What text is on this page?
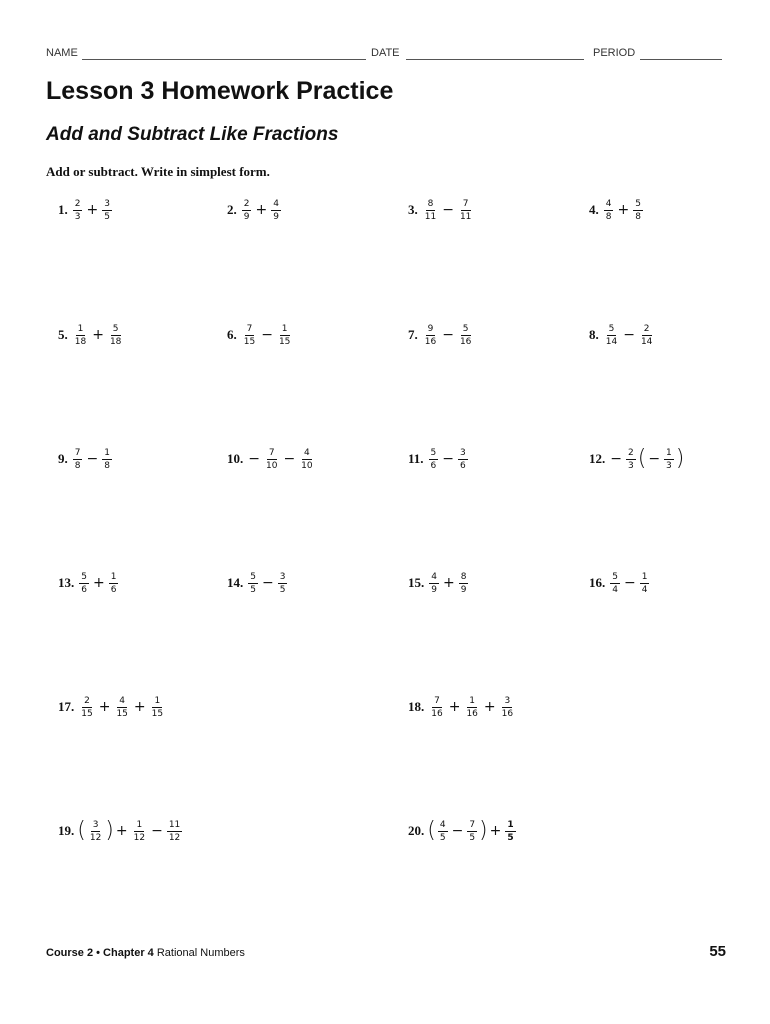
NAME	DATE	PERIOD
Lesson 3 Homework Practice
Add and Subtract Like Fractions
Add or subtract. Write in simplest form.
1. $\frac{2}{3} + \frac{3}{5}$	2. $\frac{2}{9} + \frac{4}{9}$	3. $\frac{8}{11} - \frac{7}{11}$	4. $\frac{4}{8} + \frac{5}{8}$
5. $\frac{1}{18} + \frac{5}{18}$	6. $\frac{7}{15} - \frac{1}{15}$	7. $\frac{9}{16} - \frac{5}{16}$	8. $\frac{5}{14} - \frac{2}{14}$
9. $\frac{7}{8} - \frac{1}{8}$	10. − $\frac{7}{10} - \frac{4}{10}$	11. $\frac{5}{6} - \frac{3}{6}$	12. − $\frac{2}{3}$ ( − $\frac{1}{3}$ )
13. $\frac{5}{6} + \frac{1}{6}$	14. $\frac{5}{5} - \frac{3}{5}$	15. $\frac{4}{9} + \frac{8}{9}$	16. $\frac{5}{4} - \frac{1}{4}$
17. $\frac{2}{15} + \frac{4}{15} + \frac{1}{15}$	18. $\frac{7}{16} + \frac{1}{16} + \frac{3}{16}$
19. ( $\frac{3}{12}$ ) + $\frac{1}{12} - \frac{11}{12}$	20. ( $\frac{4}{5} - \frac{7}{5}$ ) + $\frac{1}{5}$
Course 2 • Chapter 4 Rational Numbers	55
